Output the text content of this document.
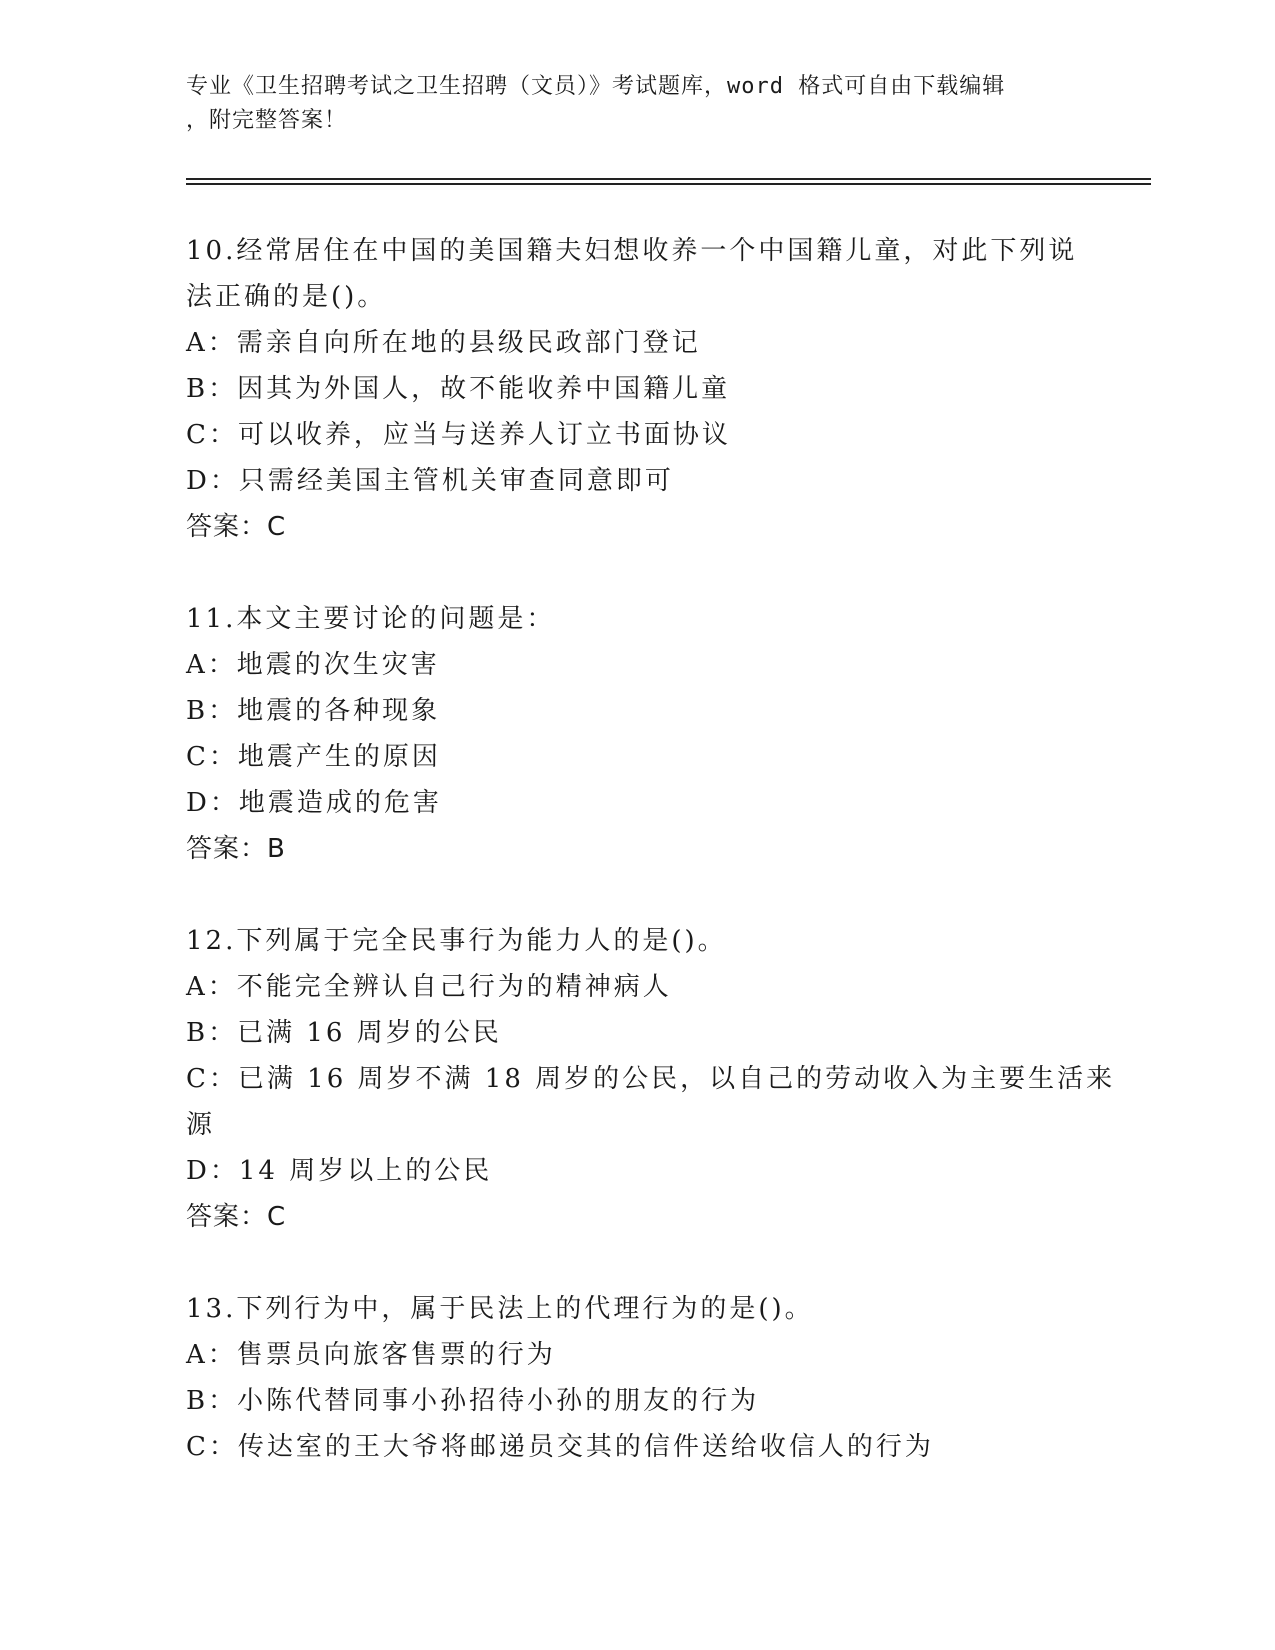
专业《卫生招聘考试之卫生招聘（文员）》考试题库，word 格式可自由下载编辑
，附完整答案！
10.经常居住在中国的美国籍夫妇想收养一个中国籍儿童，对此下列说
法正确的是()。
A：需亲自向所在地的县级民政部门登记
B：因其为外国人，故不能收养中国籍儿童
C：可以收养，应当与送养人订立书面协议
D：只需经美国主管机关审查同意即可
答案：C
11.本文主要讨论的问题是：
A：地震的次生灾害
B：地震的各种现象
C：地震产生的原因
D：地震造成的危害
答案：B
12.下列属于完全民事行为能力人的是()。
A：不能完全辨认自己行为的精神病人
B：已满 16 周岁的公民
C：已满 16 周岁不满 18 周岁的公民，以自己的劳动收入为主要生活来
源
D：14 周岁以上的公民
答案：C
13.下列行为中，属于民法上的代理行为的是()。
A：售票员向旅客售票的行为
B：小陈代替同事小孙招待小孙的朋友的行为
C：传达室的王大爷将邮递员交其的信件送给收信人的行为
